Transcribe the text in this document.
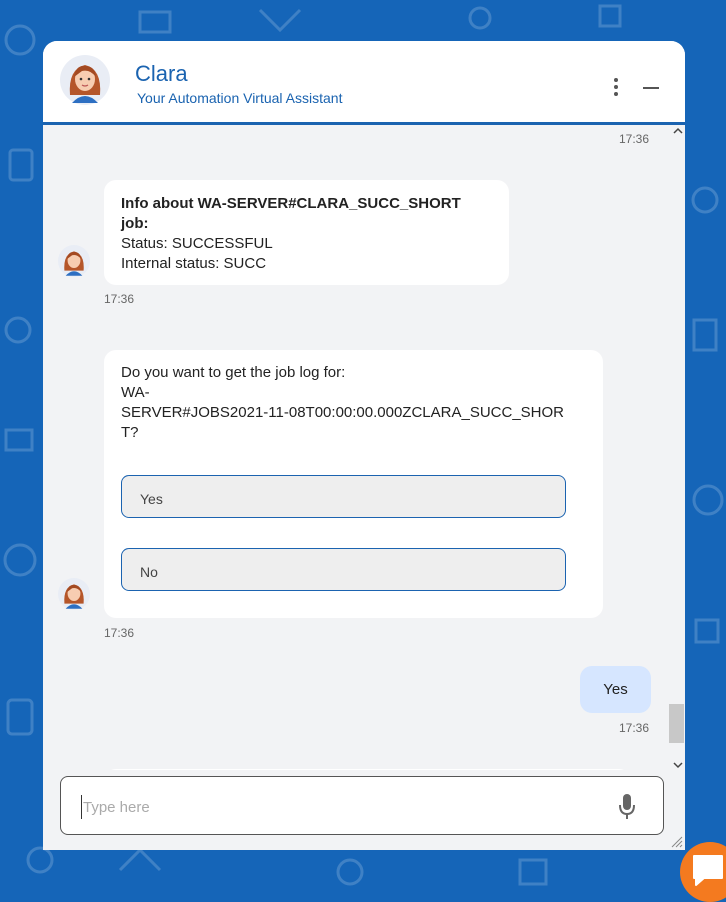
Clara
Your Automation Virtual Assistant
17:36
Info about WA-SERVER#CLARA_SUCC_SHORT job:
Status: SUCCESSFUL
Internal status: SUCC
17:36
Do you want to get the job log for:
WA-
SERVER#JOBS2021-11-08T00:00:00.000ZCLARA_SUCC_SHOR
T?
Yes
No
17:36
Yes
17:36
Type here
